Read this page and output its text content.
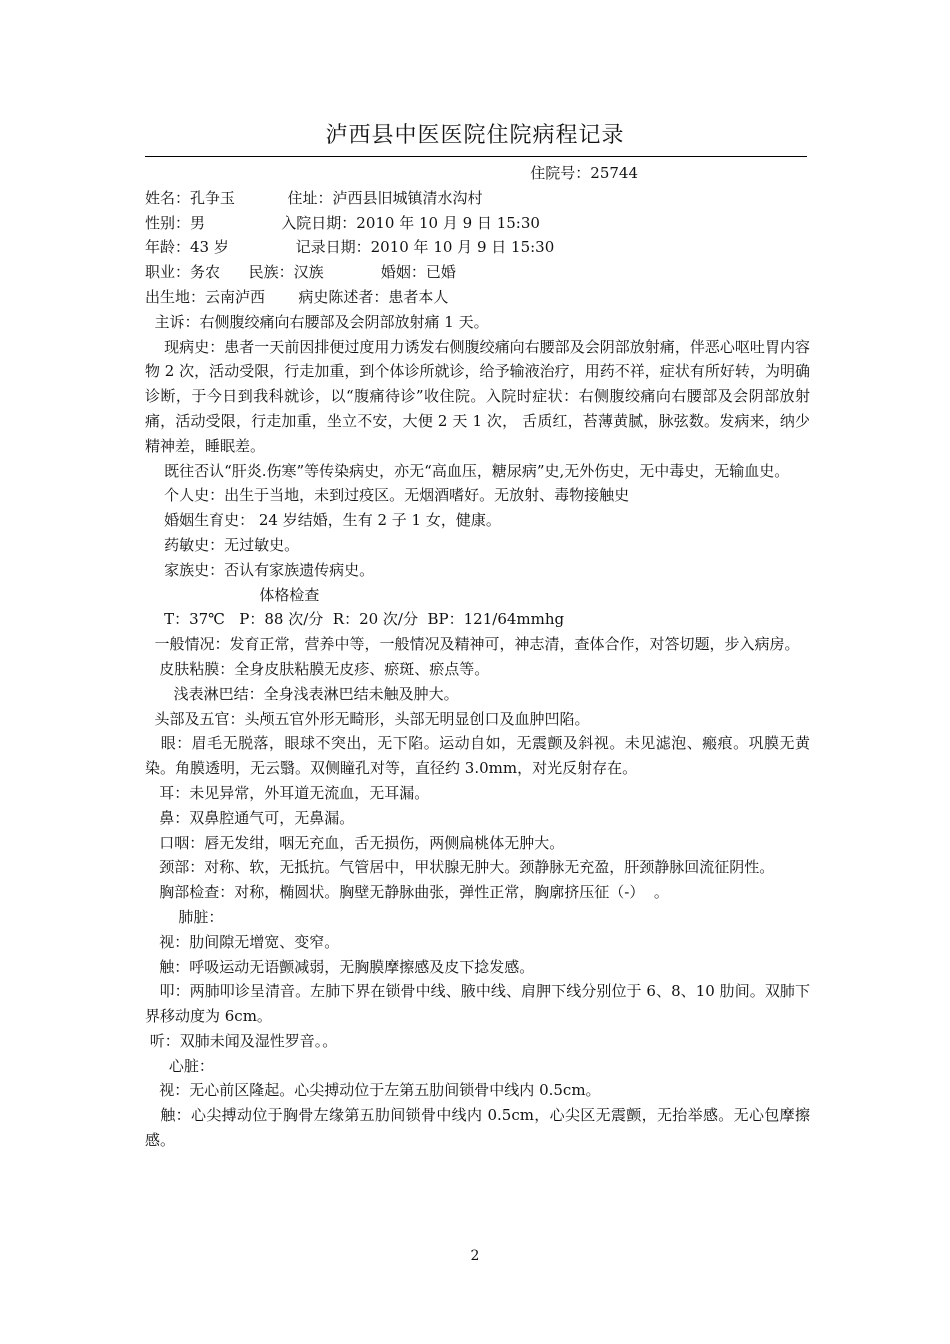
泸西县中医医院住院病程记录
住院号：25744
姓名：孔争玉           住址：泸西县旧城镇清水沟村
性别：男                入院日期：2010 年 10 月 9 日 15:30
年龄：43 岁              记录日期：2010 年 10 月 9 日 15:30
职业：务农      民族：汉族            婚姻：已婚
出生地：云南泸西       病史陈述者：患者本人
主诉：右侧腹绞痛向右腰部及会阴部放射痛 1 天。
现病史：患者一天前因排便过度用力诱发右侧腹绞痛向右腰部及会阴部放射痛，伴恶心呕吐胃内容物 2 次，活动受限，行走加重，到个体诊所就诊，给予输液治疗，用药不祥，症状有所好转，为明确诊断，于今日到我科就诊，以“腹痛待诊”收住院。入院时症状：右侧腹绞痛向右腰部及会阴部放射痛，活动受限，行走加重，坐立不安，大便 2 天 1 次， 舌质红，苔薄黄腻，脉弦数。发病来，纳少精神差，睡眠差。
既往否认“肝炎.伤寒”等传染病史，亦无“高血压，糖尿病”史,无外伤史，无中毒史，无输血史。
个人史：出生于当地，未到过疫区。无烟酒嗜好。无放射、毒物接触史
婚姻生育史： 24 岁结婚，生有 2 子 1 女，健康。
药敏史：无过敏史。
家族史：否认有家族遗传病史。
体格检查
T：37℃   P：88 次/分  R：20 次/分  BP：121/64mmhg
一般情况：发育正常，营养中等，一般情况及精神可，神志清，查体合作，对答切题，步入病房。
皮肤粘膜：全身皮肤粘膜无皮疹、瘀斑、瘀点等。
浅表淋巴结：全身浅表淋巴结未触及肿大。
头部及五官：头颅五官外形无畸形，头部无明显创口及血肿凹陷。
眼：眉毛无脱落，眼球不突出，无下陷。运动自如，无震颤及斜视。未见滤泡、瘢痕。巩膜无黄染。角膜透明，无云翳。双侧瞳孔对等，直径约 3.0mm，对光反射存在。
耳：未见异常，外耳道无流血，无耳漏。
鼻：双鼻腔通气可，无鼻漏。
口咽：唇无发绀，咽无充血，舌无损伤，两侧扁桃体无肿大。
颈部：对称、软，无抵抗。气管居中，甲状腺无肿大。颈静脉无充盈，肝颈静脉回流征阴性。
胸部检查：对称，椭圆状。胸壁无静脉曲张，弹性正常，胸廓挤压征（-）  。
肺脏：
视：肋间隙无增宽、变窄。
触：呼吸运动无语颤减弱，无胸膜摩擦感及皮下捻发感。
叩：两肺叩诊呈清音。左肺下界在锁骨中线、腋中线、肩胛下线分别位于 6、8、10 肋间。双肺下界移动度为 6cm。
听：双肺未闻及湿性罗音。。
心脏：
视：无心前区隆起。心尖搏动位于左第五肋间锁骨中线内 0.5cm。
触：心尖搏动位于胸骨左缘第五肋间锁骨中线内 0.5cm，心尖区无震颤，无抬举感。无心包摩擦感。
2
